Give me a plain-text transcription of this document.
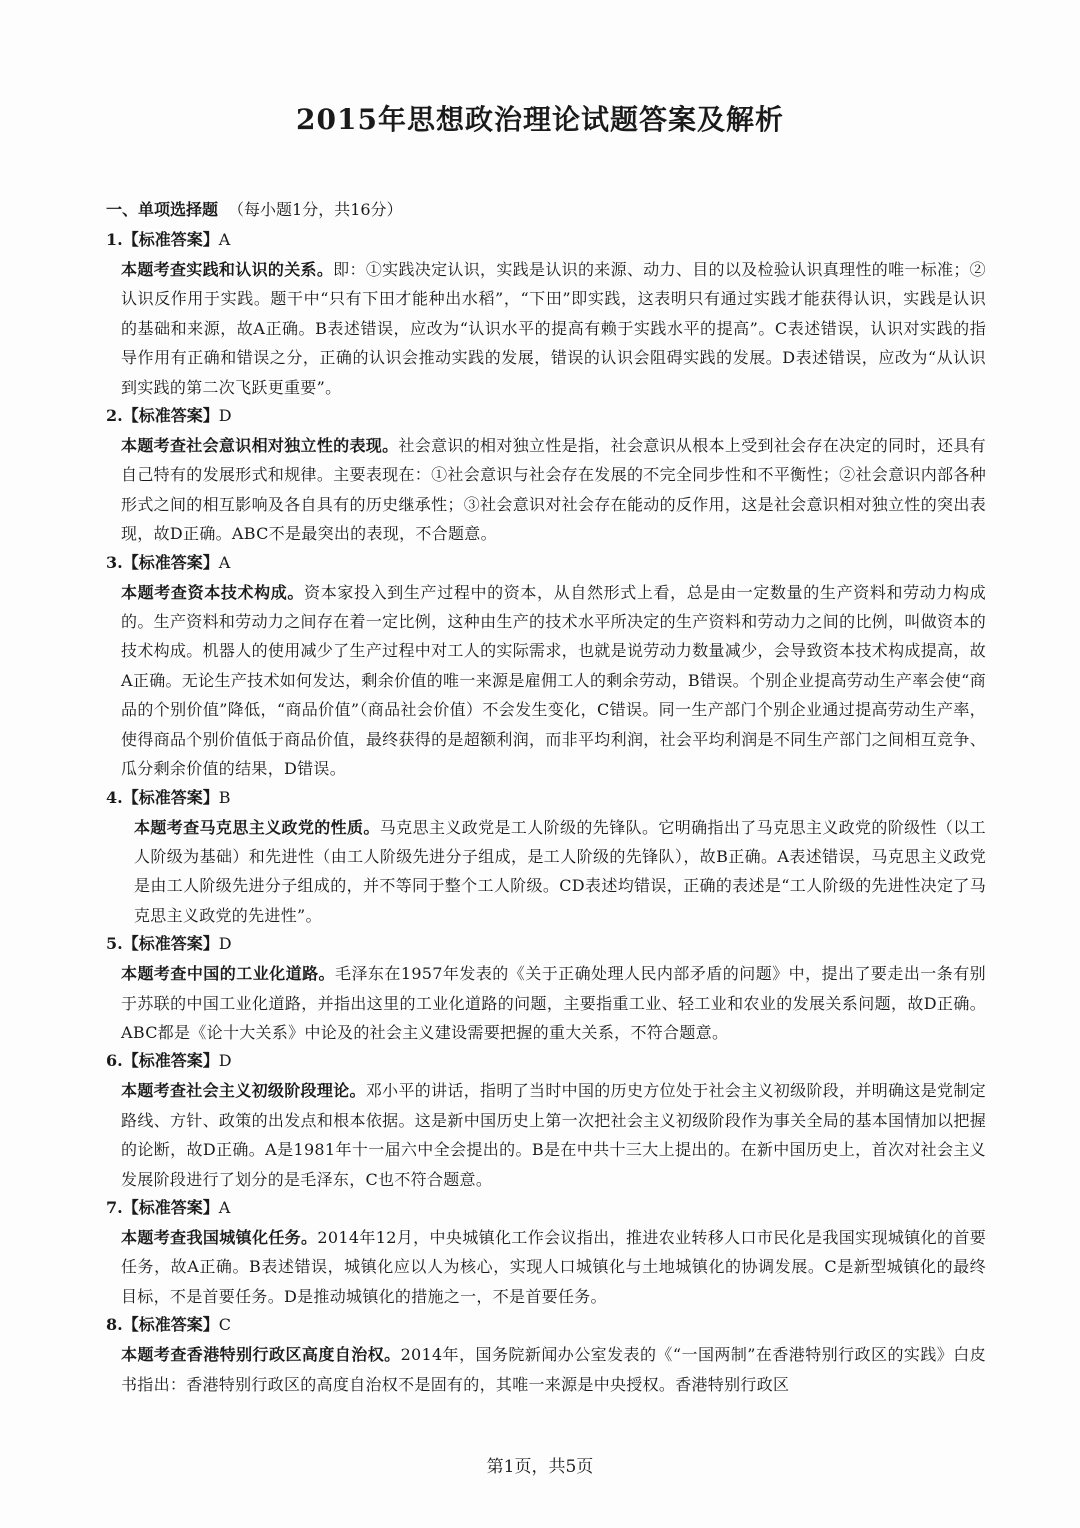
2015年思想政治理论试题答案及解析
一、单项选择题 （每小题1分，共16分）
1.【标准答案】A
本题考查实践和认识的关系。即：①实践决定认识，实践是认识的来源、动力、目的以及检验认识真理性的唯一标准；②认识反作用于实践。题干中“只有下田才能种出水稻”，“下田”即实践，这表明只有通过实践才能获得认识，实践是认识的基础和来源，故A正确。B表述错误，应改为“认识水平的提高有赖于实践水平的提高”。C表述错误，认识对实践的指导作用有正确和错误之分，正确的认识会推动实践的发展，错误的认识会阻碍实践的发展。D表述错误，应改为“从认识到实践的第二次飞跃更重要”。
2.【标准答案】D
本题考查社会意识相对独立性的表现。社会意识的相对独立性是指，社会意识从根本上受到社会存在决定的同时，还具有自己特有的发展形式和规律。主要表现在：①社会意识与社会存在发展的不完全同步性和不平衡性；②社会意识内部各种形式之间的相互影响及各自具有的历史继承性；③社会意识对社会存在能动的反作用，这是社会意识相对独立性的突出表现，故D正确。ABC不是最突出的表现，不合题意。
3.【标准答案】A
本题考查资本技术构成。资本家投入到生产过程中的资本，从自然形式上看，总是由一定数量的生产资料和劳动力构成的。生产资料和劳动力之间存在着一定比例，这种由生产的技术水平所决定的生产资料和劳动力之间的比例，叫做资本的技术构成。机器人的使用减少了生产过程中对工人的实际需求，也就是说劳动力数量减少，会导致资本技术构成提高，故A正确。无论生产技术如何发达，剩余价值的唯一来源是雇佣工人的剩余劳动，B错误。个别企业提高劳动生产率会使“商品的个别价值”降低，“商品价值”（商品社会价值）不会发生变化，C错误。同一生产部门个别企业通过提高劳动生产率，使得商品个别价值低于商品价值，最终获得的是超额利润，而非平均利润，社会平均利润是不同生产部门之间相互竞争、瓜分剩余价值的结果，D错误。
4.【标准答案】B
本题考查马克思主义政党的性质。马克思主义政党是工人阶级的先锋队。它明确指出了马克思主义政党的阶级性（以工人阶级为基础）和先进性（由工人阶级先进分子组成，是工人阶级的先锋队），故B正确。A表述错误，马克思主义政党是由工人阶级先进分子组成的，并不等同于整个工人阶级。CD表述均错误，正确的表述是“工人阶级的先进性决定了马克思主义政党的先进性”。
5.【标准答案】D
本题考查中国的工业化道路。毛泽东在1957年发表的《关于正确处理人民内部矛盾的问题》中，提出了要走出一条有别于苏联的中国工业化道路，并指出这里的工业化道路的问题，主要指重工业、轻工业和农业的发展关系问题，故D正确。ABC都是《论十大关系》中论及的社会主义建设需要把握的重大关系，不符合题意。
6.【标准答案】D
本题考查社会主义初级阶段理论。邓小平的讲话，指明了当时中国的历史方位处于社会主义初级阶段，并明确这是党制定路线、方针、政策的出发点和根本依据。这是新中国历史上第一次把社会主义初级阶段作为事关全局的基本国情加以把握的论断，故D正确。A是1981年十一届六中全会提出的。B是在中共十三大上提出的。在新中国历史上，首次对社会主义发展阶段进行了划分的是毛泽东，C也不符合题意。
7.【标准答案】A
本题考查我国城镇化任务。2014年12月，中央城镇化工作会议指出，推进农业转移人口市民化是我国实现城镇化的首要任务，故A正确。B表述错误，城镇化应以人为核心，实现人口城镇化与土地城镇化的协调发展。C是新型城镇化的最终目标，不是首要任务。D是推动城镇化的措施之一，不是首要任务。
8.【标准答案】C
本题考查香港特别行政区高度自治权。2014年，国务院新闻办公室发表的《“一国两制”在香港特别行政区的实践》白皮书指出：香港特别行政区的高度自治权不是固有的，其唯一来源是中央授权。香港特别行政区
第1页，共5页
